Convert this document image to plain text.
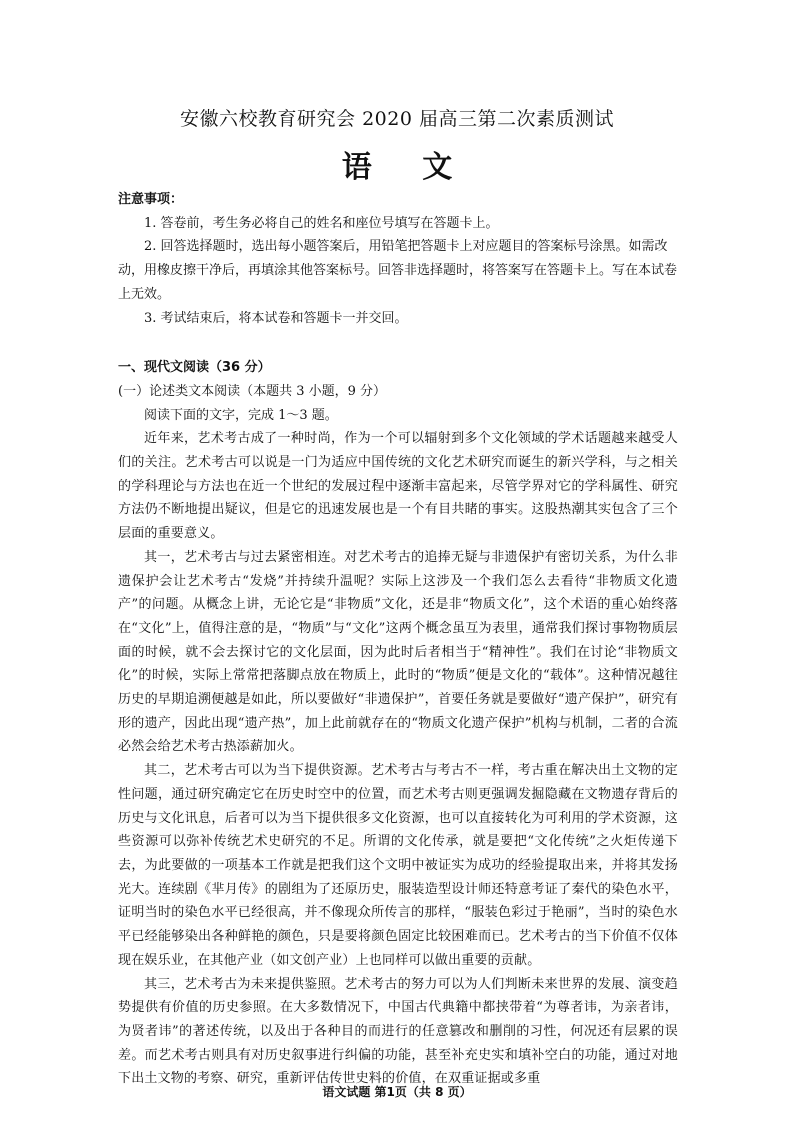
安徽六校教育研究会 2020 届高三第二次素质测试
语 文
注意事项：

1. 答卷前，考生务必将自己的姓名和座位号填写在答题卡上。

2. 回答选择题时，选出每小题答案后，用铅笔把答题卡上对应题目的答案标号涂黑。如需改动，用橡皮擦干净后，再填涂其他答案标号。回答非选择题时，将答案写在答题卡上。写在本试卷上无效。

3. 考试结束后，将本试卷和答题卡一并交回。

一、现代文阅读（36 分）
(一）论述类文本阅读（本题共 3 小题，9 分）
阅读下面的文字，完成 1～3 题。

近年来，艺术考古成了一种时尚，作为一个可以辐射到多个文化领域的学术话题越来越受人们的关注。艺术考古可以说是一门为适应中国传统的文化艺术研究而诞生的新兴学科，与之相关的学科理论与方法也在近一个世纪的发展过程中逐渐丰富起来，尽管学界对它的学科属性、研究方法仍不断地提出疑议，但是它的迅速发展也是一个有目共睹的事实。这股热潮其实包含了三个层面的重要意义。

其一，艺术考古与过去紧密相连。对艺术考古的追捧无疑与非遗保护有密切关系，为什么非遗保护会让艺术考古“发烧”并持续升温呢？实际上这涉及一个我们怎么去看待“非物质文化遗产”的问题。从概念上讲，无论它是“非物质”文化，还是非“物质文化”，这个术语的重心始终落在“文化”上，值得注意的是，“物质”与“文化”这两个概念虽互为表里，通常我们探讨事物物质层面的时候，就不会去探讨它的文化层面，因为此时后者相当于“精神性”。我们在讨论“非物质文化”的时候，实际上常常把落脚点放在物质上，此时的“物质”便是文化的“载体”。这种情况越往历史的早期追溯便越是如此，所以要做好“非遗保护”，首要任务就是要做好“遗产保护”，研究有形的遗产，因此出现“遗产热”，加上此前就存在的“物质文化遗产保护”机构与机制，二者的合流必然会给艺术考古热添薪加火。

其二，艺术考古可以为当下提供资源。艺术考古与考古不一样，考古重在解决出土文物的定性问题，通过研究确定它在历史时空中的位置，而艺术考古则更强调发掘隐藏在文物遗存背后的历史与文化讯息，后者可以为当下提供很多文化资源，也可以直接转化为可利用的学术资源，这些资源可以弥补传统艺术史研究的不足。所谓的文化传承，就是要把“文化传统”之火炬传递下去，为此要做的一项基本工作就是把我们这个文明中被证实为成功的经验提取出来，并将其发扬光大。连续剧《芈月传》的剧组为了还原历史，服装造型设计师还特意考证了秦代的染色水平，证明当时的染色水平已经很高，并不像现众所传言的那样，“服装色彩过于艳丽”，当时的染色水平已经能够染出各种鲜艳的颜色，只是要将颜色固定比较困难而已。艺术考古的当下价值不仅体现在娱乐业，在其他产业（如文创产业）上也同样可以做出重要的贡献。

其三，艺术考古为未来提供鉴照。艺术考古的努力可以为人们判断未来世界的发展、演变趋势提供有价值的历史参照。在大多数情况下，中国古代典籍中都挟带着“为尊者讳，为亲者讳，为贤者讳”的著述传统，以及出于各种目的而进行的任意篡改和删削的习性，何况还有层累的误差。而艺术考古则具有对历史叙事进行纠偏的功能，甚至补充史实和填补空白的功能，通过对地下出土文物的考察、研究，重新评估传世史料的价值，在双重证据或多重

语文试题 第1页（共 8 页）
